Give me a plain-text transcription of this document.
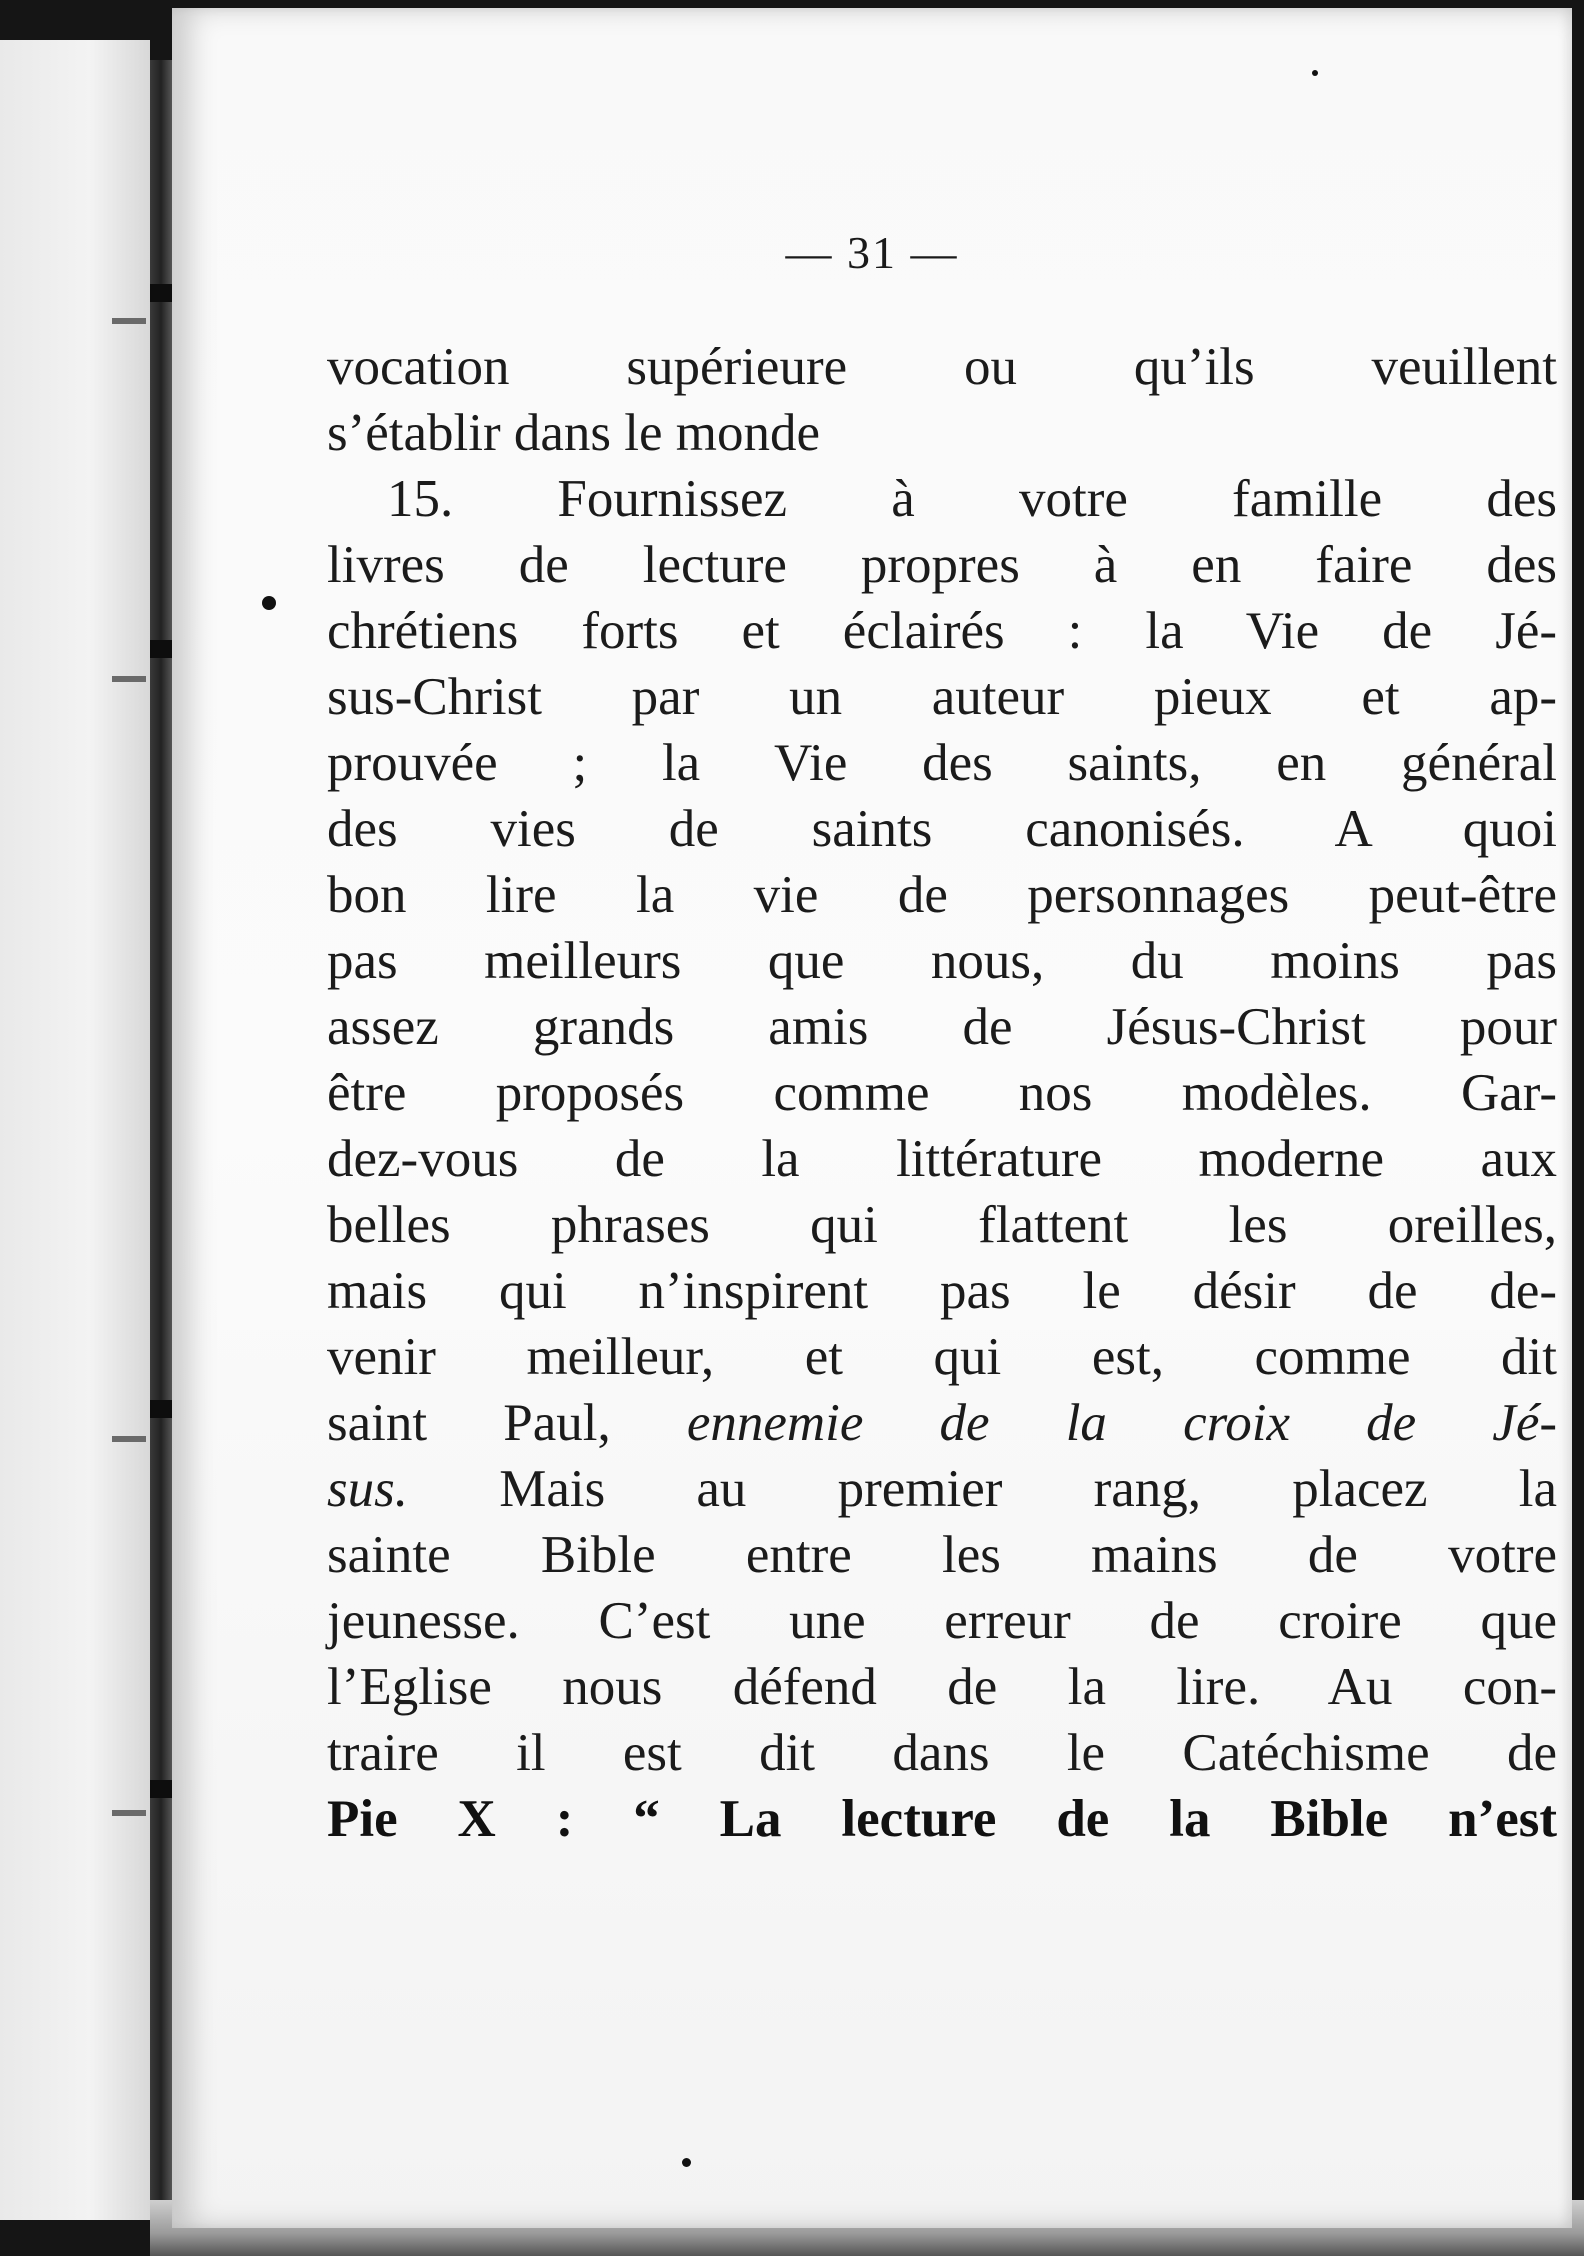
— 31 —
vocation supérieure ou qu’ils veuillent
s’établir dans le monde
15. Fournissez à votre famille des
livres de lecture propres à en faire des
chrétiens forts et éclairés : la Vie de Jé-
sus-Christ par un auteur pieux et ap-
prouvée ; la Vie des saints, en général
des vies de saints canonisés. A quoi
bon lire la vie de personnages peut-être
pas meilleurs que nous, du moins pas
assez grands amis de Jésus-Christ pour
être proposés comme nos modèles. Gar-
dez-vous de la littérature moderne aux
belles phrases qui flattent les oreilles,
mais qui n’inspirent pas le désir de de-
venir meilleur, et qui est, comme dit
saint Paul, ennemie de la croix de Jé-
sus. Mais au premier rang, placez la
sainte Bible entre les mains de votre
jeunesse. C’est une erreur de croire que
l’Eglise nous défend de la lire. Au con-
traire il est dit dans le Catéchisme de
Pie X : “ La lecture de la Bible n’est
